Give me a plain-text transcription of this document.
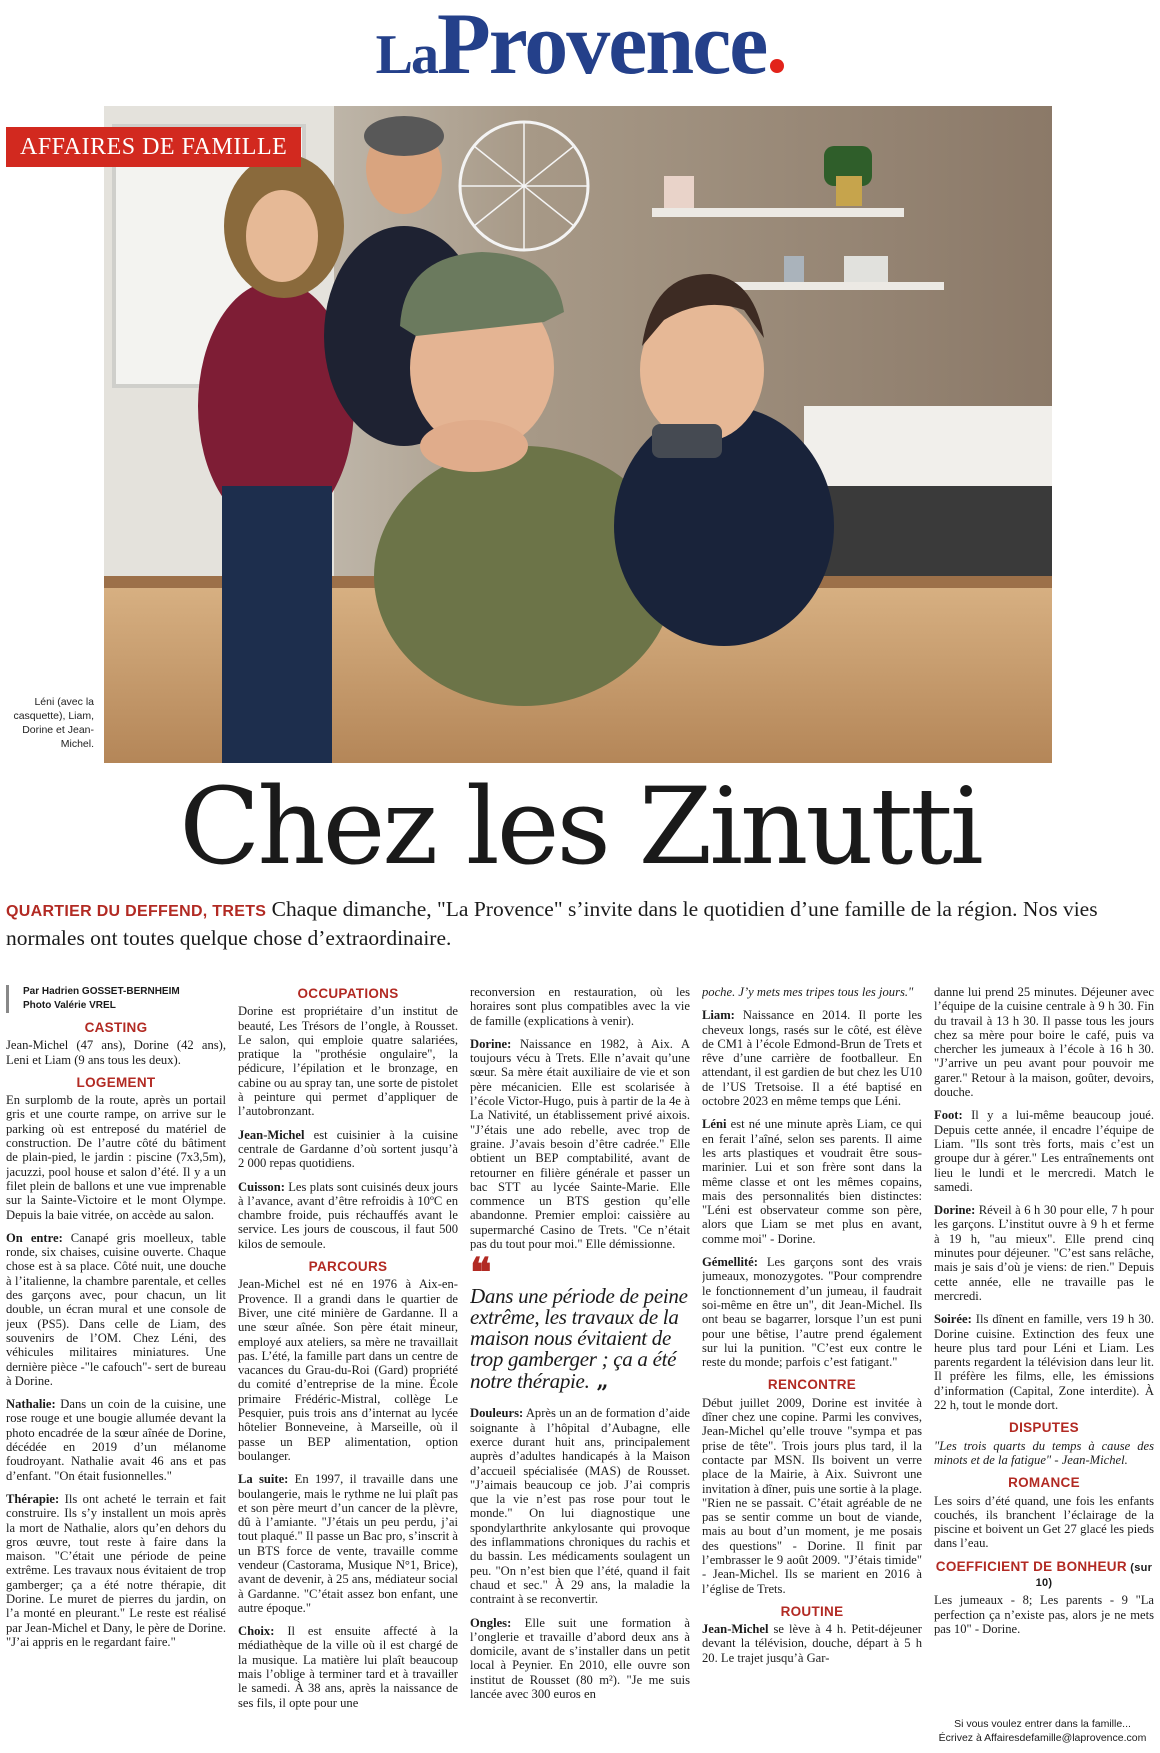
LaProvence
AFFAIRES DE FAMILLE
Léni (avec la casquette), Liam, Dorine et Jean-Michel.
Chez les Zinutti
QUARTIER DU DEFFEND, TRETS Chaque dimanche, "La Provence" s’invite dans le quotidien d’une famille de la région. Nos vies normales ont toutes quelque chose d’extraordinaire.
Par Hadrien GOSSET-BERNHEIM
Photo Valérie VREL
CASTING

Jean-Michel (47 ans), Dorine (42 ans), Leni et Liam (9 ans tous les deux).

LOGEMENT

En surplomb de la route, après un portail gris et une courte rampe, on arrive sur le parking où est entreposé du matériel de construction. De l’autre côté du bâtiment de plain-pied, le jardin : piscine (7x3,5m), jacuzzi, pool house et salon d’été. Il y a un filet plein de ballons et une vue imprenable sur la Sainte-Victoire et le mont Olympe. Depuis la baie vitrée, on accède au salon.

On entre: Canapé gris moelleux, table ronde, six chaises, cuisine ouverte. Chaque chose est à sa place. Côté nuit, une douche à l’italienne, la chambre parentale, et celles des garçons avec, pour chacun, un lit double, un écran mural et une console de jeux (PS5). Dans celle de Liam, des souvenirs de l’OM. Chez Léni, des véhicules militaires miniatures. Une dernière pièce -"le cafouch"- sert de bureau à Dorine.

Nathalie: Dans un coin de la cuisine, une rose rouge et une bougie allumée devant la photo encadrée de la sœur aînée de Dorine, décédée en 2019 d’un mélanome foudroyant. Nathalie avait 46 ans et pas d’enfant. "On était fusionnelles."

Thérapie: Ils ont acheté le terrain et fait construire. Ils s’y installent un mois après la mort de Nathalie, alors qu’en dehors du gros œuvre, tout reste à faire dans la maison. "C’était une période de peine extrême. Les travaux nous évitaient de trop gamberger; ça a été notre thérapie, dit Dorine. Le muret de pierres du jardin, on l’a monté en pleurant." Le reste est réalisé par Jean-Michel et Dany, le père de Dorine. "J’ai appris en le regardant faire."

OCCUPATIONS

Dorine est propriétaire d’un institut de beauté, Les Trésors de l’ongle, à Rousset. Le salon, qui emploie quatre salariées, pratique la "prothésie ongulaire", la pédicure, l’épilation et le bronzage, en cabine ou au spray tan, une sorte de pistolet à peinture qui permet d’appliquer de l’autobronzant.

Jean-Michel est cuisinier à la cuisine centrale de Gardanne d’où sortent jusqu’à 2 000 repas quotidiens.

Cuisson: Les plats sont cuisinés deux jours à l’avance, avant d’être refroidis à 10ºC en chambre froide, puis réchauffés avant le service. Les jours de couscous, il faut 500 kilos de semoule.

PARCOURS

Jean-Michel est né en 1976 à Aix-en-Provence. Il a grandi dans le quartier de Biver, une cité minière de Gardanne. Il a une sœur aînée. Son père était mineur, employé aux ateliers, sa mère ne travaillait pas. L’été, la famille part dans un centre de vacances du Grau-du-Roi (Gard) propriété du comité d’entreprise de la mine. École primaire Frédéric-Mistral, collège Le Pesquier, puis trois ans d’internat au lycée hôtelier Bonneveine, à Marseille, où il passe un BEP alimentation, option boulanger.

La suite: En 1997, il travaille dans une boulangerie, mais le rythme ne lui plaît pas et son père meurt d’un cancer de la plèvre, dû à l’amiante. "J’étais un peu perdu, j’ai tout plaqué." Il passe un Bac pro, s’inscrit à un BTS force de vente, travaille comme vendeur (Castorama, Musique N°1, Brice), avant de devenir, à 25 ans, médiateur social à Gardanne. "C’était assez bon enfant, une autre époque."

Choix: Il est ensuite affecté à la médiathèque de la ville où il est chargé de la musique. La matière lui plaît beaucoup mais l’oblige à terminer tard et à travailler le samedi. À 38 ans, après la naissance de ses fils, il opte pour une

reconversion en restauration, où les horaires sont plus compatibles avec la vie de famille (explications à venir).

Dorine: Naissance en 1982, à Aix. A toujours vécu à Trets. Elle n’avait qu’une sœur. Sa mère était auxiliaire de vie et son père mécanicien. Elle est scolarisée à l’école Victor-Hugo, puis à partir de la 4e à La Nativité, un établissement privé aixois. "J’étais une ado rebelle, avec trop de graine. J’avais besoin d’être cadrée." Elle obtient un BEP comptabilité, avant de retourner en filière générale et passer un bac STT au lycée Sainte-Marie. Elle commence un BTS gestion qu’elle abandonne. Premier emploi: caissière au supermarché Casino de Trets. "Ce n’était pas du tout pour moi." Elle démissionne.

❝
Dans une période de peine extrême, les travaux de la maison nous évitaient de trop gamberger ; ça a été notre thérapie. „

Douleurs: Après un an de formation d’aide soignante à l’hôpital d’Aubagne, elle exerce durant huit ans, principalement auprès d’adultes handicapés à la Maison d’accueil spécialisée (MAS) de Rousset. "J’aimais beaucoup ce job. J’ai compris que la vie n’est pas rose pour tout le monde." On lui diagnostique une spondylarthrite ankylosante qui provoque des inflammations chroniques du rachis et du bassin. Les médicaments soulagent un peu. "On n’est bien que l’été, quand il fait chaud et sec." À 29 ans, la maladie la contraint à se reconvertir.

Ongles: Elle suit une formation à l’onglerie et travaille d’abord deux ans à domicile, avant de s’installer dans un petit local à Peynier. En 2010, elle ouvre son institut de Rousset (80 m²). "Je me suis lancée avec 300 euros en

poche. J’y mets mes tripes tous les jours."

Liam: Naissance en 2014. Il porte les cheveux longs, rasés sur le côté, est élève de CM1 à l’école Edmond-Brun de Trets et rêve d’une carrière de footballeur. En attendant, il est gardien de but chez les U10 de l’US Tretsoise. Il a été baptisé en octobre 2023 en même temps que Léni.

Léni est né une minute après Liam, ce qui en ferait l’aîné, selon ses parents. Il aime les arts plastiques et voudrait être sous-marinier. Lui et son frère sont dans la même classe et ont les mêmes copains, mais des personnalités bien distinctes: "Léni est observateur comme son père, alors que Liam se met plus en avant, comme moi" - Dorine.

Gémellité: Les garçons sont des vrais jumeaux, monozygotes. "Pour comprendre le fonctionnement d’un jumeau, il faudrait soi-même en être un", dit Jean-Michel. Ils ont beau se bagarrer, lorsque l’un est puni pour une bêtise, l’autre prend également sur lui la punition. "C’est eux contre le reste du monde; parfois c’est fatigant."

RENCONTRE

Début juillet 2009, Dorine est invitée à dîner chez une copine. Parmi les convives, Jean-Michel qu’elle trouve "sympa et pas prise de tête". Trois jours plus tard, il la contacte par MSN. Ils boivent un verre place de la Mairie, à Aix. Suivront une invitation à dîner, puis une sortie à la plage. "Rien ne se passait. C’était agréable de ne pas se sentir comme un bout de viande, mais au bout d’un moment, je me posais des questions" - Dorine. Il finit par l’embrasser le 9 août 2009. "J’étais timide" - Jean-Michel. Ils se marient en 2016 à l’église de Trets.

ROUTINE

Jean-Michel se lève à 4 h. Petit-déjeuner devant la télévision, douche, départ à 5 h 20. Le trajet jusqu’à Gar-

danne lui prend 25 minutes. Déjeuner avec l’équipe de la cuisine centrale à 9 h 30. Fin du travail à 13 h 30. Il passe tous les jours chez sa mère pour boire le café, puis va chercher les jumeaux à l’école à 16 h 30. "J’arrive un peu avant pour pouvoir me garer." Retour à la maison, goûter, devoirs, douche.

Foot: Il y a lui-même beaucoup joué. Depuis cette année, il encadre l’équipe de Liam. "Ils sont très forts, mais c’est un groupe dur à gérer." Les entraînements ont lieu le lundi et le mercredi. Match le samedi.

Dorine: Réveil à 6 h 30 pour elle, 7 h pour les garçons. L’institut ouvre à 9 h et ferme à 19 h, "au mieux". Elle prend cinq minutes pour déjeuner. "C’est sans relâche, mais je sais d’où je viens: de rien." Depuis cette année, elle ne travaille pas le mercredi.

Soirée: Ils dînent en famille, vers 19 h 30. Dorine cuisine. Extinction des feux une heure plus tard pour Léni et Liam. Les parents regardent la télévision dans leur lit. Il préfère les films, elle, les émissions d’information (Capital, Zone interdite). À 22 h, tout le monde dort.

DISPUTES

"Les trois quarts du temps à cause des minots et de la fatigue" - Jean-Michel.

ROMANCE

Les soirs d’été quand, une fois les enfants couchés, ils branchent l’éclairage de la piscine et boivent un Get 27 glacé les pieds dans l’eau.

COEFFICIENT DE BONHEUR (sur 10)

Les jumeaux - 8; Les parents - 9 "La perfection ça n’existe pas, alors je ne mets pas 10" - Dorine.

Si vous voulez entrer dans la famille...
Écrivez à Affairesdefamille@laprovence.com
